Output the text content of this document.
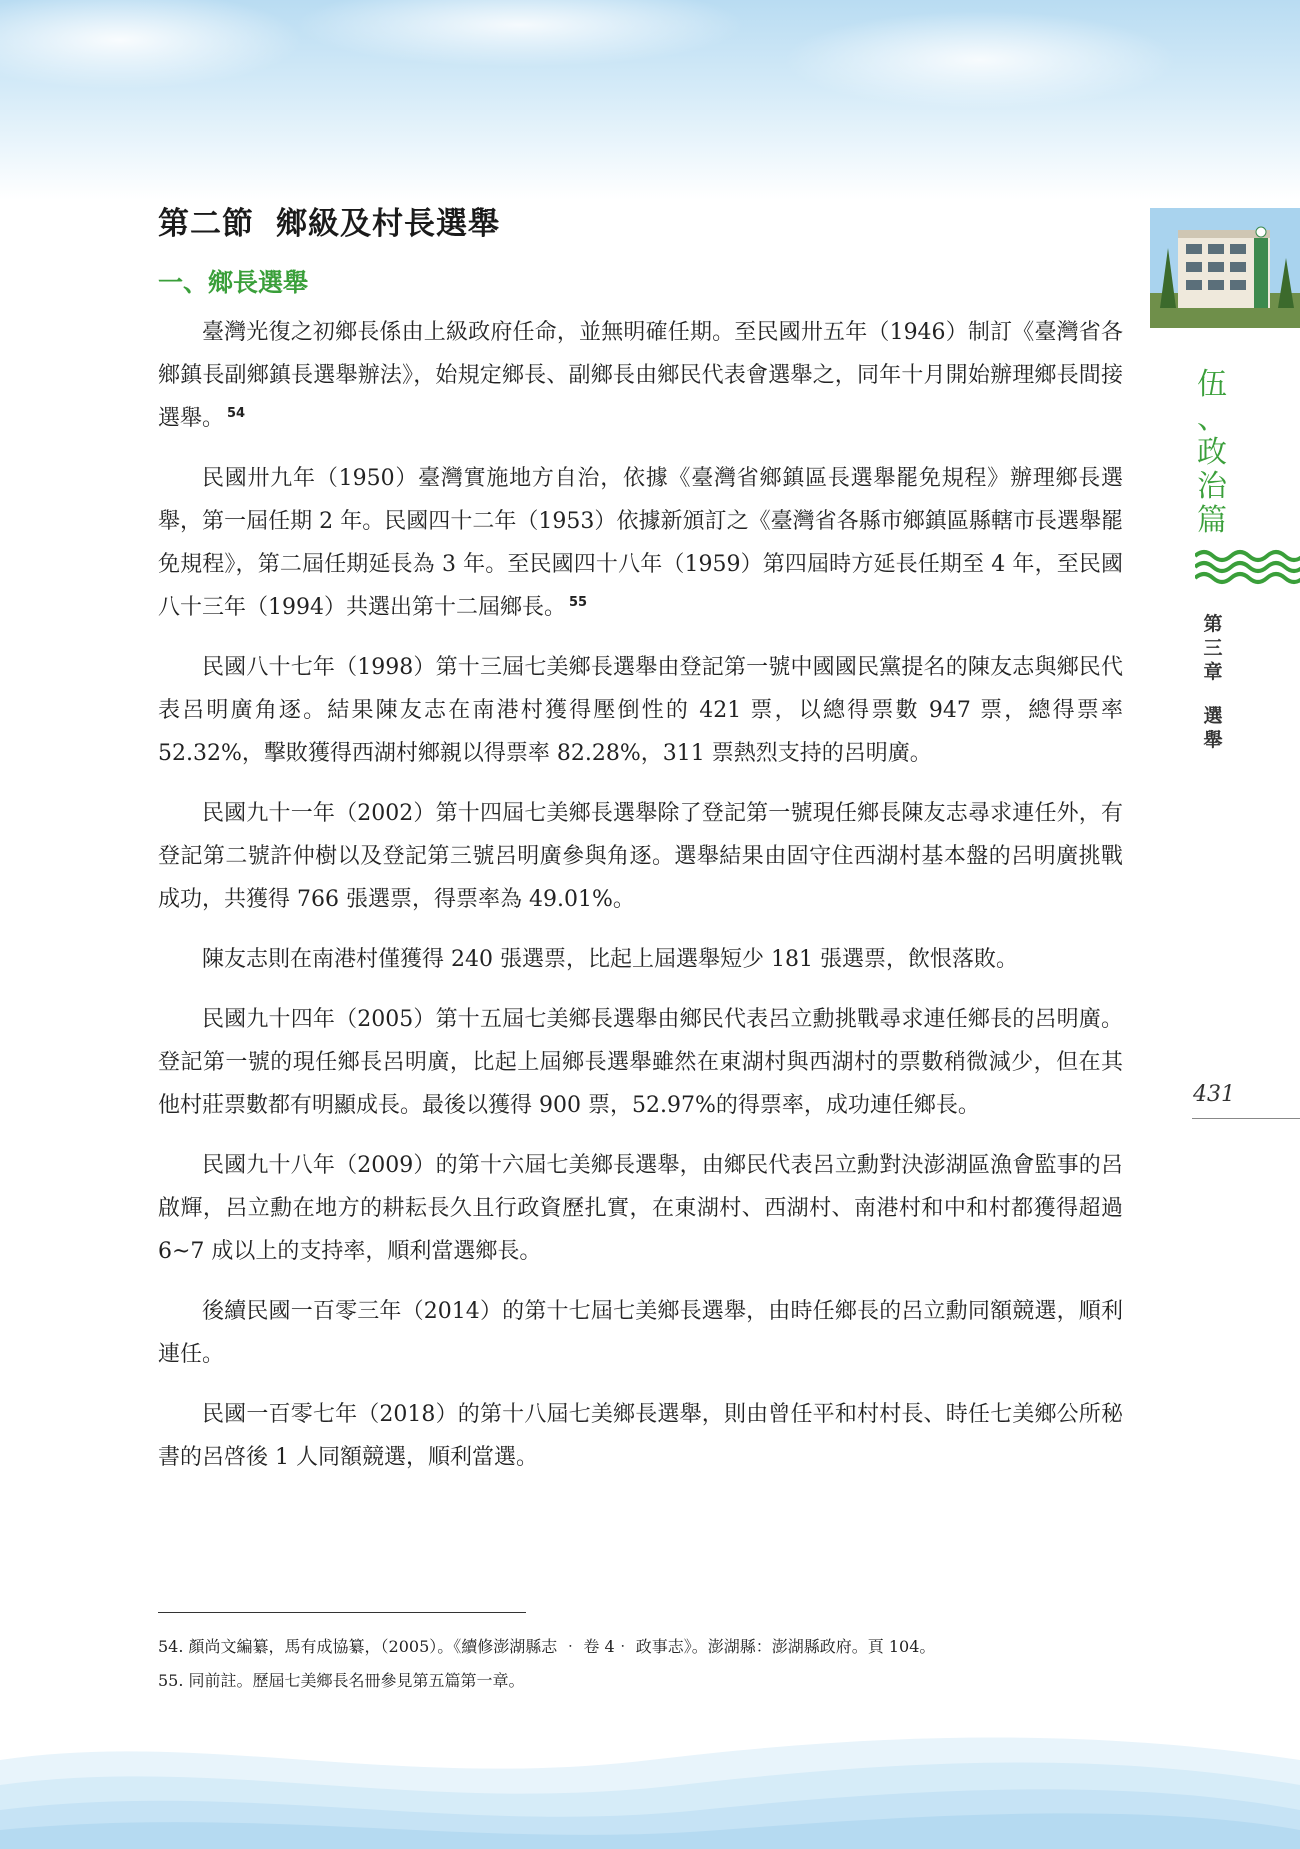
伍
、
政
治
篇
第
三
章
選
舉
431
第二節 鄉級及村長選舉
一、鄉長選舉

臺灣光復之初鄉長係由上級政府任命，並無明確任期。至民國卅五年（1946）制訂《臺灣省各鄉鎮長副鄉鎮長選舉辦法》，始規定鄉長、副鄉長由鄉民代表會選舉之，同年十月開始辦理鄉長間接選舉。 $^{54}$

民國卅九年（1950）臺灣實施地方自治，依據《臺灣省鄉鎮區長選舉罷免規程》辦理鄉長選舉，第一屆任期 2 年。民國四十二年（1953）依據新頒訂之《臺灣省各縣市鄉鎮區縣轄市長選舉罷免規程》，第二屆任期延長為 3 年。至民國四十八年（1959）第四屆時方延長任期至 4 年，至民國八十三年（1994）共選出第十二屆鄉長。 $^{55}$

民國八十七年（1998）第十三屆七美鄉長選舉由登記第一號中國國民黨提名的陳友志與鄉民代表呂明廣角逐。結果陳友志在南港村獲得壓倒性的 421 票，以總得票數 947 票，總得票率 52.32%，擊敗獲得西湖村鄉親以得票率 82.28%，311 票熱烈支持的呂明廣。

民國九十一年（2002）第十四屆七美鄉長選舉除了登記第一號現任鄉長陳友志尋求連任外，有登記第二號許仲樹以及登記第三號呂明廣參與角逐。選舉結果由固守住西湖村基本盤的呂明廣挑戰成功，共獲得 766 張選票，得票率為 49.01%。

陳友志則在南港村僅獲得 240 張選票，比起上屆選舉短少 181 張選票，飲恨落敗。

民國九十四年（2005）第十五屆七美鄉長選舉由鄉民代表呂立勳挑戰尋求連任鄉長的呂明廣。登記第一號的現任鄉長呂明廣，比起上屆鄉長選舉雖然在東湖村與西湖村的票數稍微減少，但在其他村莊票數都有明顯成長。最後以獲得 900 票，52.97%的得票率，成功連任鄉長。

民國九十八年（2009）的第十六屆七美鄉長選舉，由鄉民代表呂立勳對決澎湖區漁會監事的呂啟輝，呂立勳在地方的耕耘長久且行政資歷扎實，在東湖村、西湖村、南港村和中和村都獲得超過 6~7 成以上的支持率，順利當選鄉長。

後續民國一百零三年（2014）的第十七屆七美鄉長選舉，由時任鄉長的呂立勳同額競選，順利連任。

民國一百零七年（2018）的第十八屆七美鄉長選舉，則由曾任平和村村長、時任七美鄉公所秘書的呂啓後 1 人同額競選，順利當選。

54. 顏尚文編纂，馬有成協纂，（2005）。《續修澎湖縣志 ‧ 卷 4‧ 政事志》。澎湖縣：澎湖縣政府。頁 104。
55. 同前註。歷屆七美鄉長名冊參見第五篇第一章。
